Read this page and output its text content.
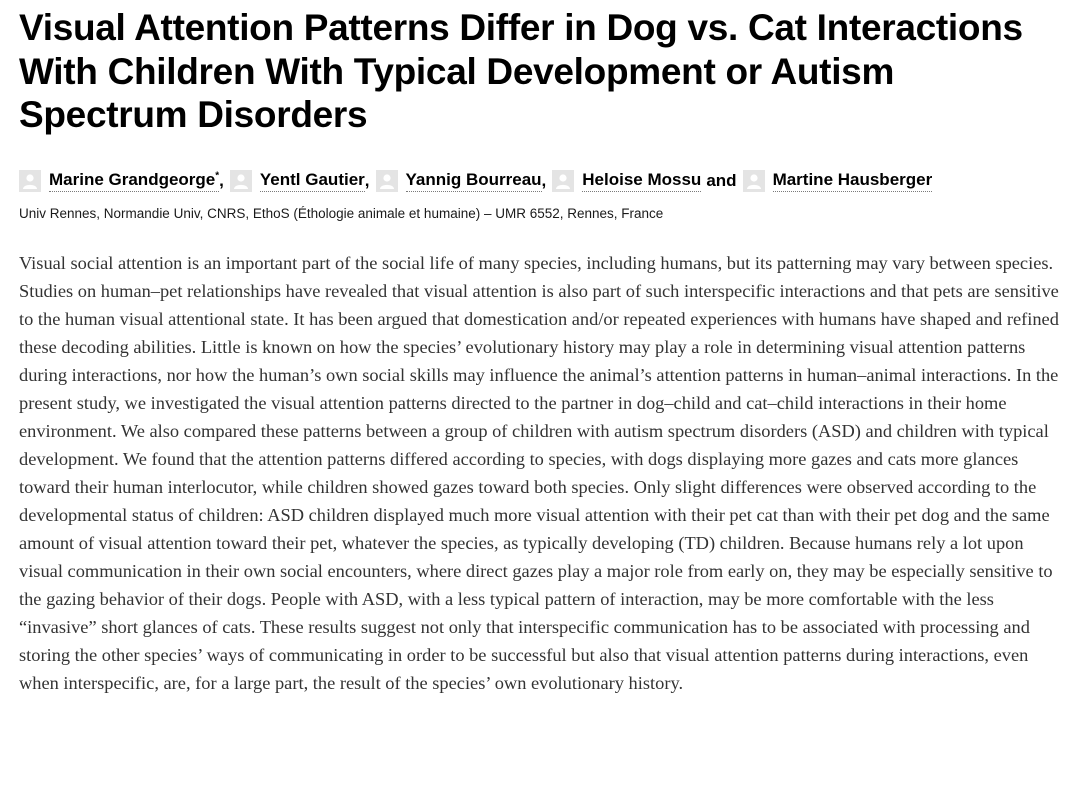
Visual Attention Patterns Differ in Dog vs. Cat Interactions With Children With Typical Development or Autism Spectrum Disorders
Marine Grandgeorge* , Yentl Gautier , Yannig Bourreau , Heloise Mossu and Martine Hausberger
Univ Rennes, Normandie Univ, CNRS, EthoS (Éthologie animale et humaine) – UMR 6552, Rennes, France

Visual social attention is an important part of the social life of many species, including humans, but its patterning may vary between species. Studies on human–pet relationships have revealed that visual attention is also part of such interspecific interactions and that pets are sensitive to the human visual attentional state. It has been argued that domestication and/or repeated experiences with humans have shaped and refined these decoding abilities. Little is known on how the species’ evolutionary history may play a role in determining visual attention patterns during interactions, nor how the human’s own social skills may influence the animal’s attention patterns in human–animal interactions. In the present study, we investigated the visual attention patterns directed to the partner in dog–child and cat–child interactions in their home environment. We also compared these patterns between a group of children with autism spectrum disorders (ASD) and children with typical development. We found that the attention patterns differed according to species, with dogs displaying more gazes and cats more glances toward their human interlocutor, while children showed gazes toward both species. Only slight differences were observed according to the developmental status of children: ASD children displayed much more visual attention with their pet cat than with their pet dog and the same amount of visual attention toward their pet, whatever the species, as typically developing (TD) children. Because humans rely a lot upon visual communication in their own social encounters, where direct gazes play a major role from early on, they may be especially sensitive to the gazing behavior of their dogs. People with ASD, with a less typical pattern of interaction, may be more comfortable with the less “invasive” short glances of cats. These results suggest not only that interspecific communication has to be associated with processing and storing the other species’ ways of communicating in order to be successful but also that visual attention patterns during interactions, even when interspecific, are, for a large part, the result of the species’ own evolutionary history.
